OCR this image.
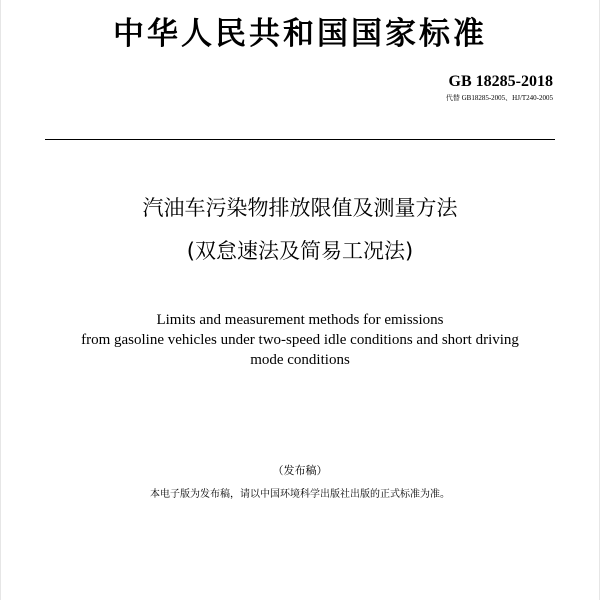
中华人民共和国国家标准
GB 18285-2018
代替 GB18285-2005、HJ/T240-2005
汽油车污染物排放限值及测量方法
(双怠速法及简易工况法)
Limits and measurement methods for emissions
from gasoline vehicles under two-speed idle conditions and short driving
mode conditions
（发布稿）
本电子版为发布稿，请以中国环境科学出版社出版的正式标准为准。
